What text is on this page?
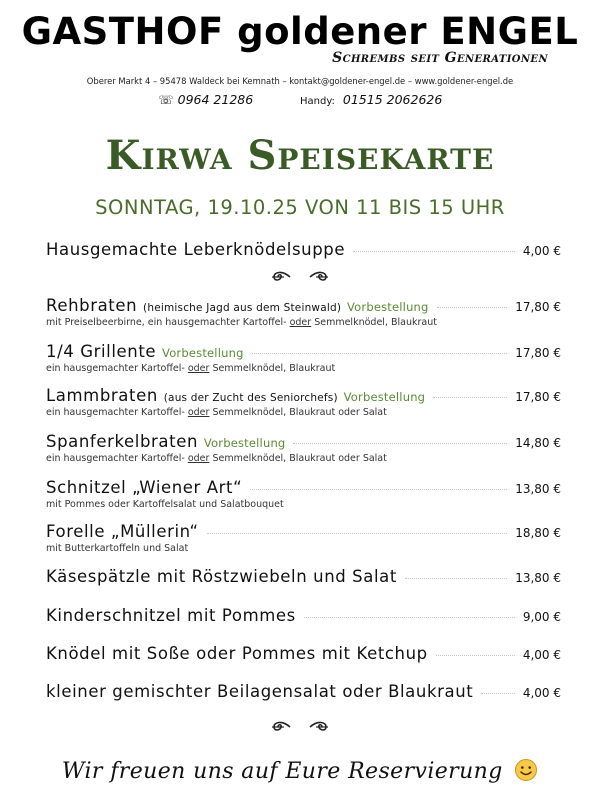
GASTHOF goldener ENGEL
Schrembs seit Generationen
Oberer Markt 4 – 95478 Waldeck bei Kemnath – kontakt@goldener-engel.de – www.goldener-engel.de
☏ 0964 21286	Handy: 01515 2062626
Kirwa Speisekarte
SONNTAG, 19.10.25 VON 11 BIS 15 UHR
Hausgemachte Leberknödelsuppe	4,00 €
Rehbraten (heimische Jagd aus dem Steinwald) Vorbestellung	17,80 €
mit Preiselbeerbirne, ein hausgemachter Kartoffel- oder Semmelknödel, Blaukraut
1/4 Grillente Vorbestellung	17,80 €
ein hausgemachter Kartoffel- oder Semmelknödel, Blaukraut
Lammbraten (aus der Zucht des Seniorchefs) Vorbestellung	17,80 €
ein hausgemachter Kartoffel- oder Semmelknödel, Blaukraut oder Salat
Spanferkelbraten Vorbestellung	14,80 €
ein hausgemachter Kartoffel- oder Semmelknödel, Blaukraut oder Salat
Schnitzel „Wiener Art“	13,80 €
mit Pommes oder Kartoffelsalat und Salatbouquet
Forelle „Müllerin“	18,80 €
mit Butterkartoffeln und Salat
Käsespätzle mit Röstzwiebeln und Salat	13,80 €
Kinderschnitzel mit Pommes	9,00 €
Knödel mit Soße oder Pommes mit Ketchup	4,00 €
kleiner gemischter Beilagensalat oder Blaukraut	4,00 €
Wir freuen uns auf Eure Reservierung
